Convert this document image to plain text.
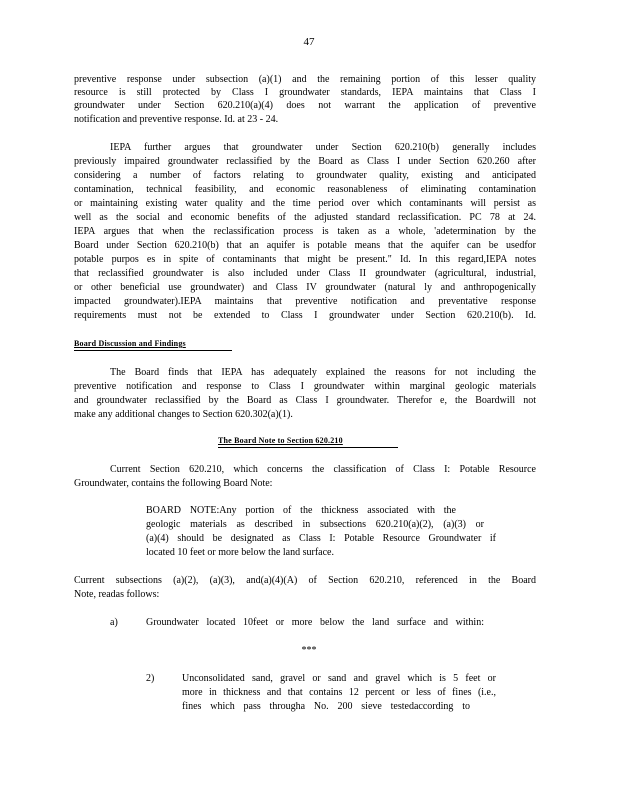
47
preventive response under subsection (a)(1) and the remaining portion of this lesser quality
resource is still protected by Class I groundwater standards, IEPA maintains that Class I
groundwater under Section 620.210(a)(4) does not warrant the application of preventive
notification and preventive response. Id. at 23 - 24.
IEPA further argues that groundwater under Section 620.210(b) generally includes
previously impaired groundwater reclassified by the Board as Class I under Section 620.260 after
considering a number of factors relating to groundwater quality, existing and anticipated
contamination, technical feasibility, and economic reasonableness of eliminating contamination
or maintaining existing water quality and the time period over which contaminants will persist as
well as the social and economic benefits of the adjusted standard reclassification. PC 78 at 24.
IEPA argues that when the reclassification process is taken as a whole, 'adetermination by the
Board under Section 620.210(b) that an aquifer is potable means that the aquifer can be usedfor
potable purpos es in spite of contaminants that might be present." Id. In this regard,IEPA notes
that reclassified groundwater is also included under Class II groundwater (agricultural, industrial,
or other beneficial use groundwater) and Class IV groundwater (natural ly and anthropogenically
impacted groundwater).IEPA maintains that preventive notification and preventative response
requirements must not be extended to Class I groundwater under Section 620.210(b). Id.
Board Discussion and Findings
The Board finds that IEPA has adequately explained the reasons for not including the
preventive notification and response to Class I groundwater within marginal geologic materials
and groundwater reclassified by the Board as Class I groundwater. Therefor e, the Boardwill not
make any additional changes to Section 620.302(a)(1).
The Board Note to Section 620.210
Current Section 620.210, which concerns the classification of Class I: Potable Resource
Groundwater, contains the following Board Note:
BOARD NOTE:Any portion of the thickness associated with the
geologic materials as described in subsections 620.210(a)(2), (a)(3) or
(a)(4) should be designated as Class I: Potable Resource Groundwater if
located 10 feet or more below the land surface.
Current subsections (a)(2), (a)(3), and(a)(4)(A) of Section 620.210, referenced in the Board
Note, readas follows:
a)	Groundwater located 10feet or more below the land surface and within:
***
2)	Unconsolidated sand, gravel or sand and gravel which is 5 feet or
more in thickness and that contains 12 percent or less of fines (i.e.,
fines which pass througha No. 200 sieve testedaccording to
